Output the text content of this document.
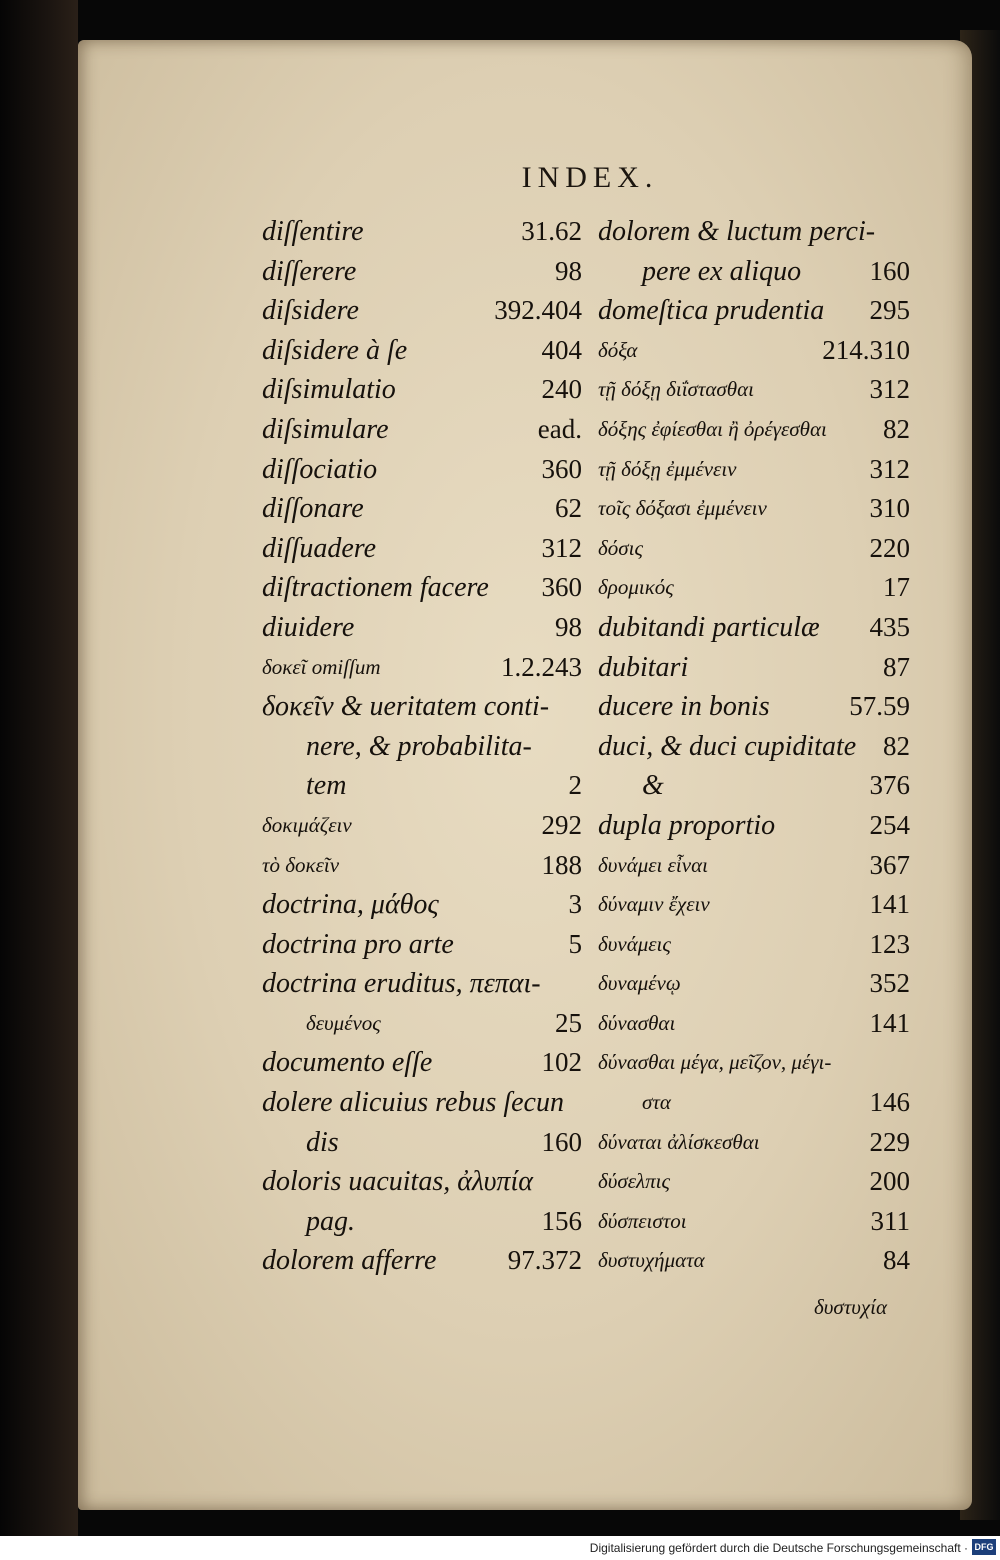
INDEX.
diſſentire	31.62
diſſerere	98
diſsidere	392.404
diſsidere à ſe	404
diſsimulatio	240
diſsimulare	ead.
diſſociatio	360
diſſonare	62
diſſuadere	312
diſtractionem facere 360
diuidere	98
δοκεῖ omiſſum	1.2.243
δοκεῖν & ueritatem conti-
nere, & probabilita-
tem	2
δοκιμάζειν	292
τὸ δοκεῖν	188
doctrina, μάθος	3
doctrina pro arte	5
doctrina eruditus, πεπαι-
δευμένος	25
documento eſſe	102
dolere alicuius rebus ſecun
dis	160
doloris uacuitas, ἀλυπία
pag.	156
dolorem afferre	97.372
dolorem & luctum perci-
pere ex aliquo	160
domeſtica prudentia 295
δόξα	214.310
τῇ δόξῃ διΐστασθαι	312
δόξης ἐφίεσθαι ἢ ὀρέγεσθαι 82
τῇ δόξῃ ἐμμένειν	312
τοῖς δόξασι ἐμμένειν	310
δόσις	220
δρομικός	17
dubitandi particulæ 435
dubitari	87
ducere in bonis	57.59
duci, & duci cupiditate 82
&	376
dupla proportio	254
δυνάμει εἶναι	367
δύναμιν ἔχειν	141
δυνάμεις	123
δυναμένῳ	352
δύνασθαι	141
δύνασθαι μέγα, μεῖζον, μέγι-
στα	146
δύναται ἀλίσκεσθαι	229
δύσελπις	200
δύσπειστοι	311
δυστυχήματα	84
δυστυχία
Digitalisierung gefördert durch die Deutsche Forschungsgemeinschaft · DFG
